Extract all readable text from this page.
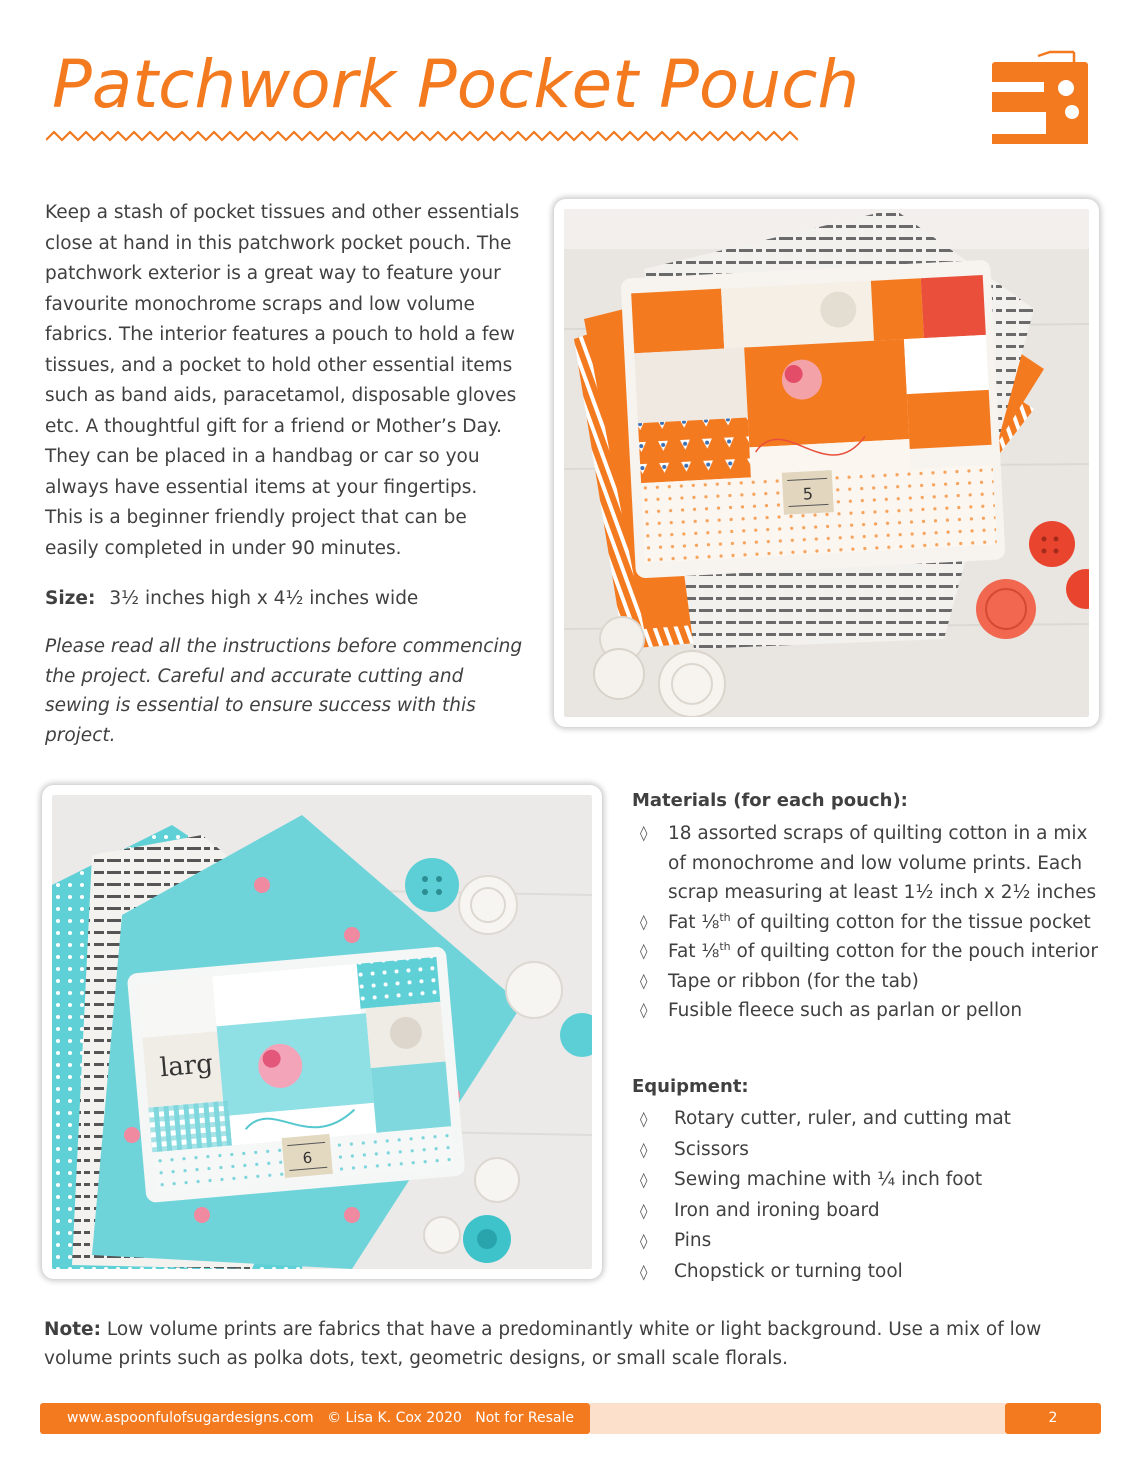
Patchwork Pocket Pouch

Keep a stash of pocket tissues and other essentials close at hand in this patchwork pocket pouch. The patchwork exterior is a great way to feature your favourite monochrome scraps and low volume fabrics. The interior features a pouch to hold a few tissues, and a pocket to hold other essential items such as band aids, paracetamol, disposable gloves etc. A thoughtful gift for a friend or Mother’s Day. They can be placed in a handbag or car so you always have essential items at your fingertips. This is a beginner friendly project that can be easily completed in under 90 minutes.

Size: 3½ inches high x 4½ inches wide

Please read all the instructions before commencing the project. Careful and accurate cutting and sewing is essential to ensure success with this project.

5
larg
6
Materials (for each pouch):
◊ 18 assorted scraps of quilting cotton in a mix of monochrome and low volume prints. Each scrap measuring at least 1½ inch x 2½ inches
◊ Fat ⅛$^{th}$ of quilting cotton for the tissue pocket
◊ Fat ⅛$^{th}$ of quilting cotton for the pouch interior
◊ Tape or ribbon (for the tab)
◊ Fusible fleece such as parlan or pellon
Equipment:
◊ Rotary cutter, ruler, and cutting mat
◊ Scissors
◊ Sewing machine with ¼ inch foot
◊ Iron and ironing board
◊ Pins
◊ Chopstick or turning tool

Note: Low volume prints are fabrics that have a predominantly white or light background. Use a mix of low volume prints such as polka dots, text, geometric designs, or small scale florals.

www.aspoonfulofsugardesigns.com © Lisa K. Cox 2020 Not for Resale	2
